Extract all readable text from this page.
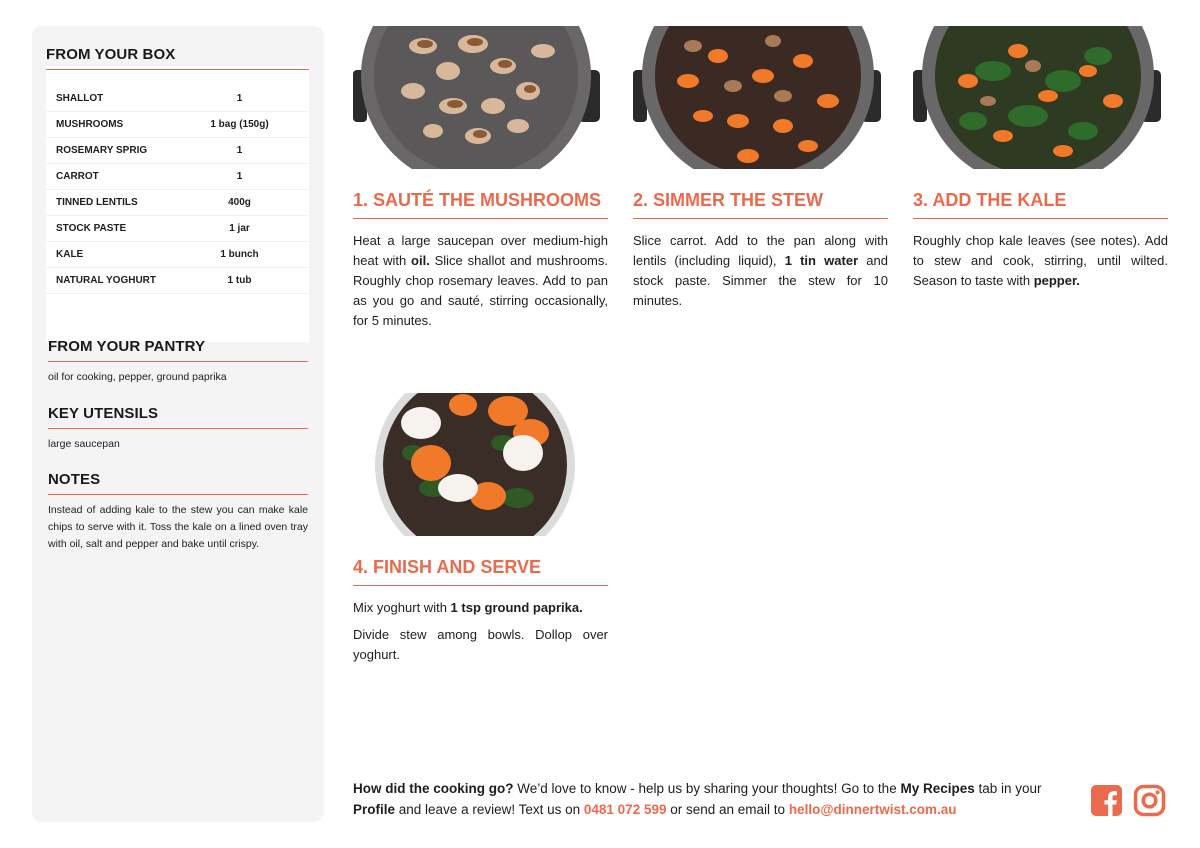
FROM YOUR BOX
SHALLOT	1
MUSHROOMS	1 bag (150g)
ROSEMARY SPRIG	1
CARROT	1
TINNED LENTILS	400g
STOCK PASTE	1 jar
KALE	1 bunch
NATURAL YOGHURT	1 tub
FROM YOUR PANTRY
oil for cooking, pepper, ground paprika
KEY UTENSILS
large saucepan
NOTES
Instead of adding kale to the stew you can make kale chips to serve with it. Toss the kale on a lined oven tray with oil, salt and pepper and bake until crispy.
1. SAUTÉ THE MUSHROOMS
Heat a large saucepan over medium-high heat with oil. Slice shallot and mushrooms. Roughly chop rosemary leaves. Add to pan as you go and sauté, stirring occasionally, for 5 minutes.
2. SIMMER THE STEW
Slice carrot. Add to the pan along with lentils (including liquid), 1 tin water and stock paste. Simmer the stew for 10 minutes.
3. ADD THE KALE
Roughly chop kale leaves (see notes). Add to stew and cook, stirring, until wilted. Season to taste with pepper.
4. FINISH AND SERVE
Mix yoghurt with 1 tsp ground paprika.
Divide stew among bowls. Dollop over yoghurt.
How did the cooking go? We’d love to know - help us by sharing your thoughts! Go to the My Recipes tab in your Profile and leave a review! Text us on 0481 072 599 or send an email to hello@dinnertwist.com.au
